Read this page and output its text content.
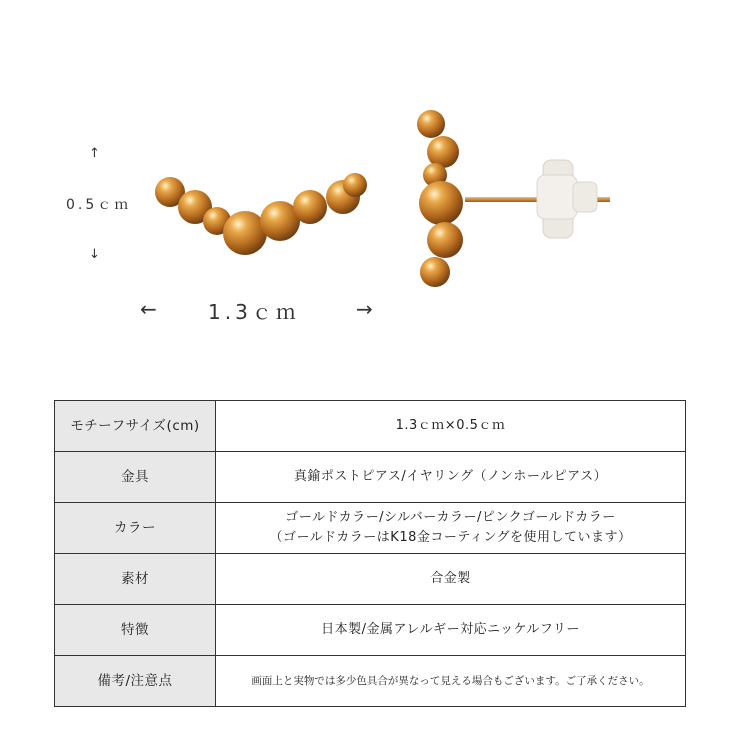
↑
0.5ｃｍ
↓
←	1.3ｃｍ	→
モチーフサイズ(cm)	1.3ｃｍ×0.5ｃｍ
金具	真鍮ポストピアス/イヤリング（ノンホールピアス）
カラー	ゴールドカラー/シルバーカラー/ピンクゴールドカラー
（ゴールドカラーはK18金コーティングを使用しています）

素材	合金製
特徴	日本製/金属アレルギー対応ニッケルフリー
備考/注意点	画面上と実物では多少色具合が異なって見える場合もございます。ご了承ください。
